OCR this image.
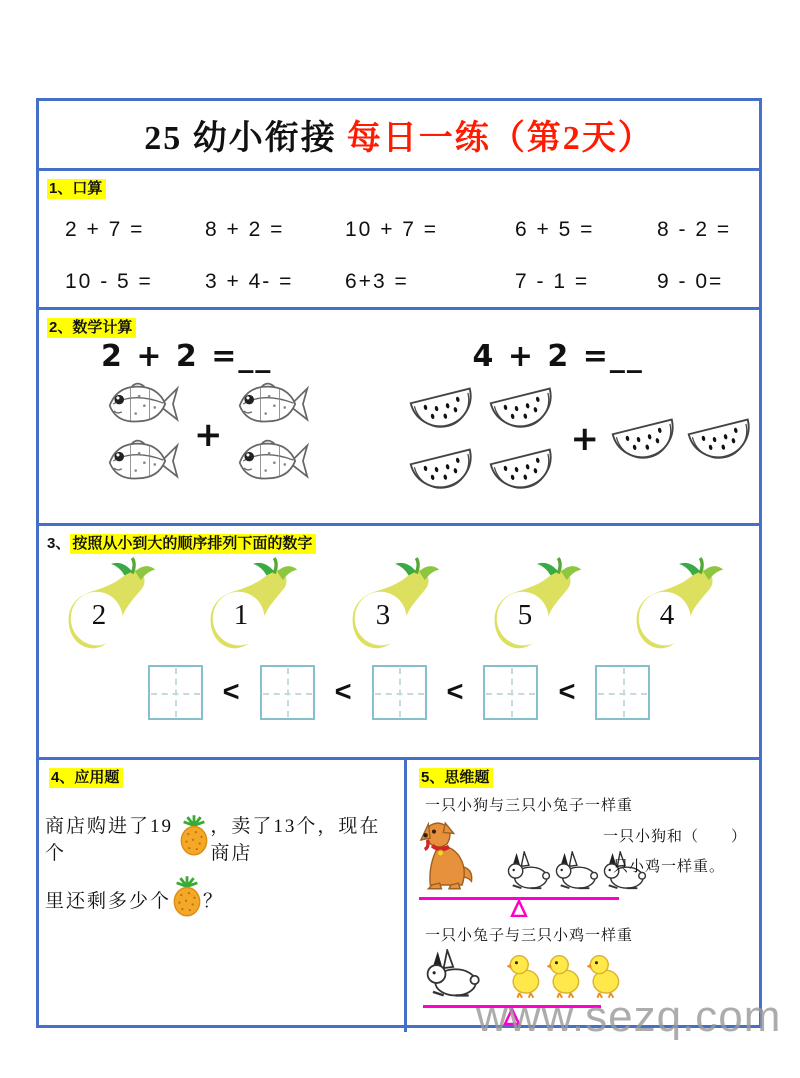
25 幼小衔接 每日一练（第2天）
1、口算
2 + 7 =	8 + 2 =	10 + 7 =	6 + 5 =	8 - 2 =
10 - 5 =	3 + 4- =	6+3 =	7 - 1 =	9 - 0=
2、数学计算
2 + 2 =__
+
4 + 2 =__
+
3、 按照从小到大的顺序排列下面的数字
2	1	3	5	4
<	<	<	<
4、应用题
商店购进了19个
，卖了13个，现在商店
里还剩多少个 ？
5、思维题
一只小狗与三只小兔子一样重
一只小狗和（　　）
只小鸡一样重。
一只小兔子与三只小鸡一样重
www.sezq.com
